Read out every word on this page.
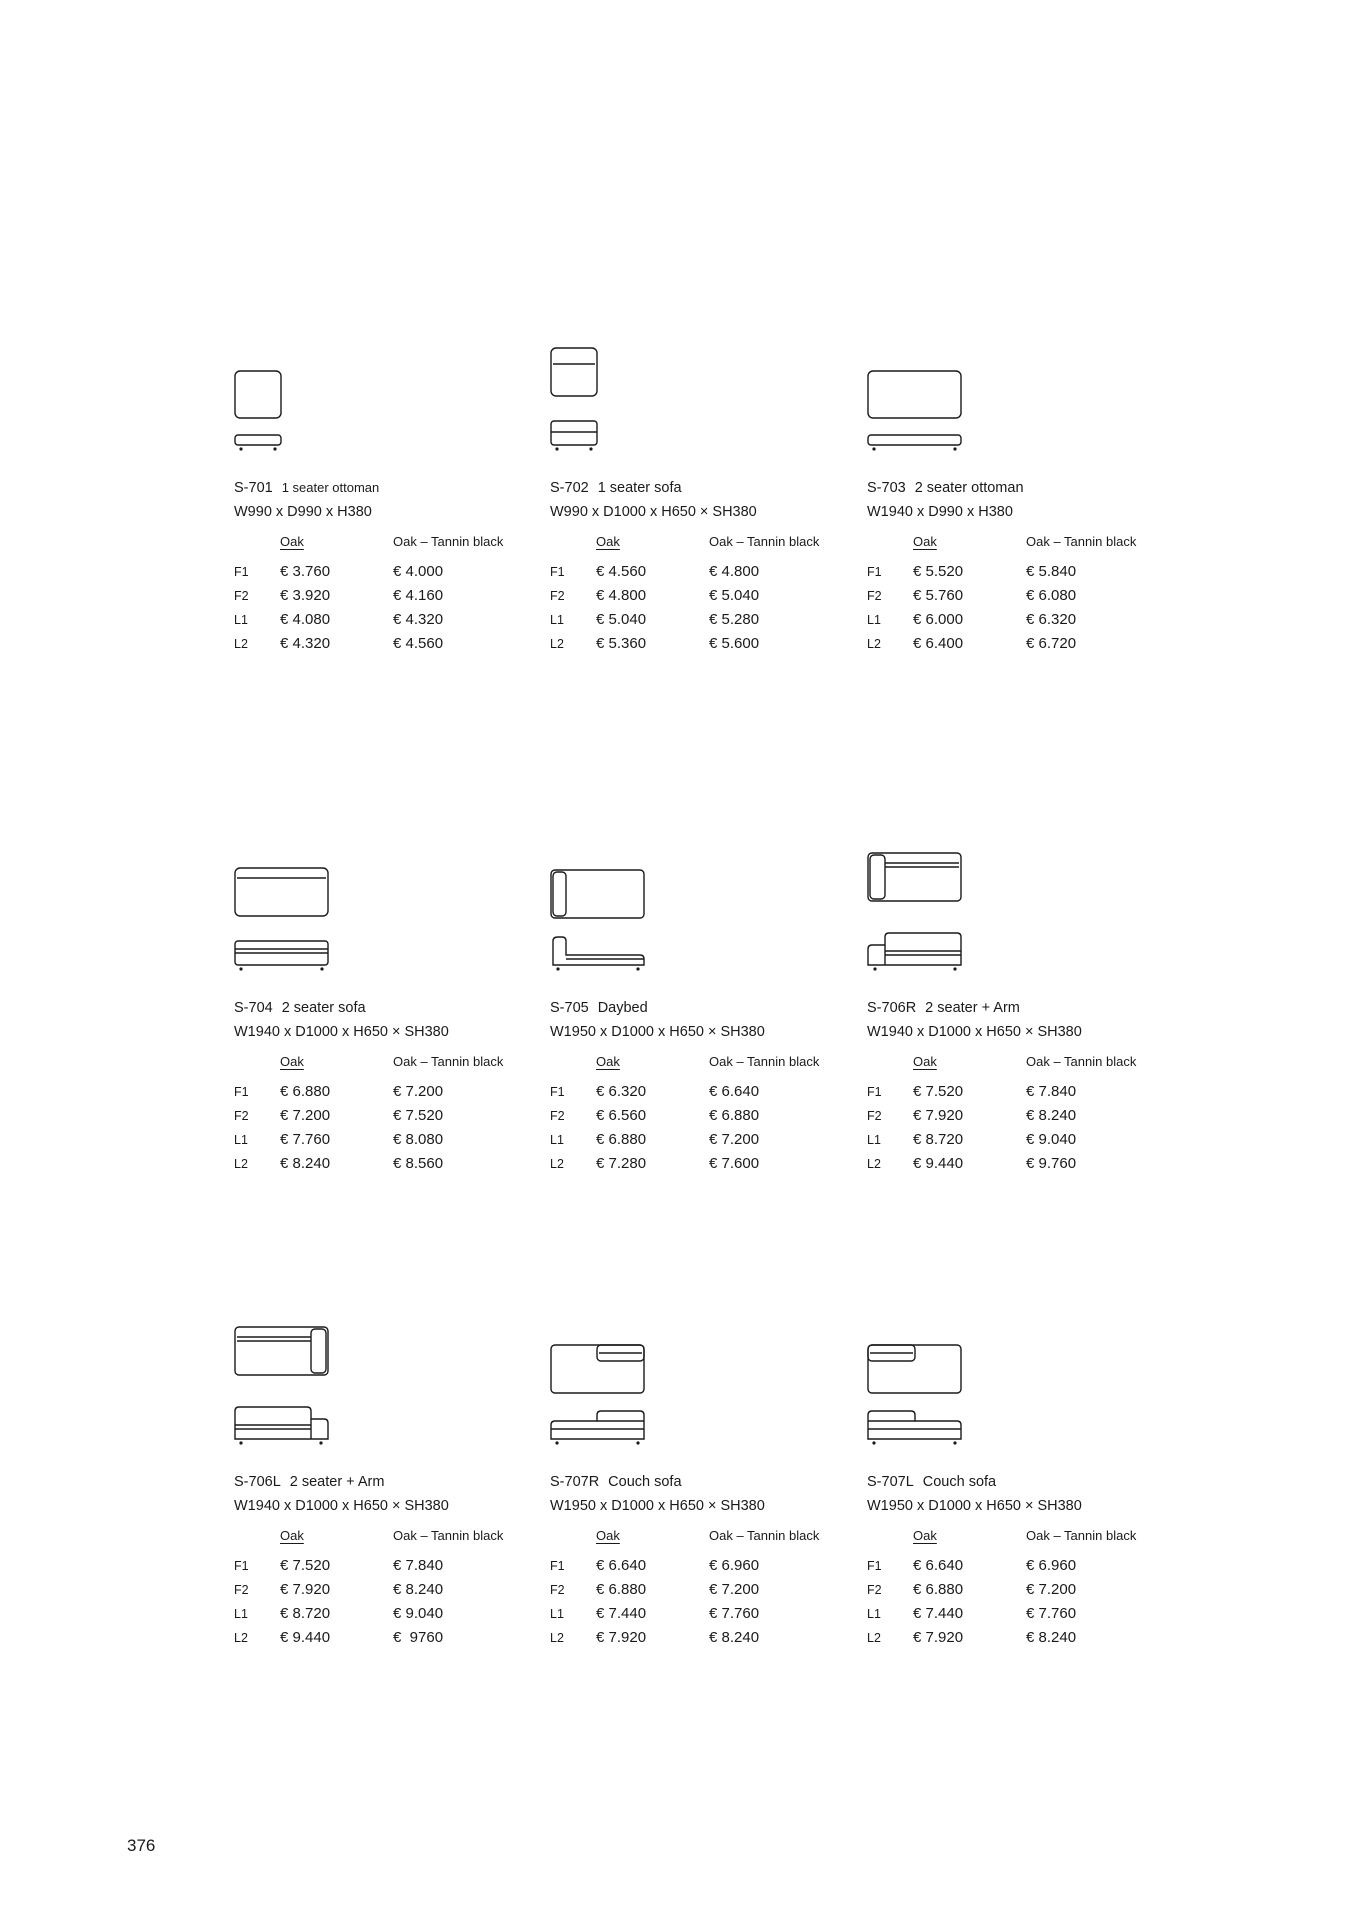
S-701 1 seater ottoman
W990 x D990 x H380
Oak	Oak – Tannin black
F1 € 3.760	€ 4.000
F2 € 3.920	€ 4.160
L1 € 4.080	€ 4.320
L2 € 4.320	€ 4.560
S-702 1 seater sofa
W990 x D1000 x H650 × SH380
Oak	Oak – Tannin black
F1 € 4.560	€ 4.800
F2 € 4.800	€ 5.040
L1 € 5.040	€ 5.280
L2 € 5.360	€ 5.600
S-703 2 seater ottoman
W1940 x D990 x H380
Oak	Oak – Tannin black
F1 € 5.520	€ 5.840
F2 € 5.760	€ 6.080
L1 € 6.000	€ 6.320
L2 € 6.400	€ 6.720
S-704 2 seater sofa
W1940 x D1000 x H650 × SH380
Oak	Oak – Tannin black
F1 € 6.880	€ 7.200
F2 € 7.200	€ 7.520
L1 € 7.760	€ 8.080
L2 € 8.240	€ 8.560
S-705 Daybed
W1950 x D1000 x H650 × SH380
Oak	Oak – Tannin black
F1 € 6.320	€ 6.640
F2 € 6.560	€ 6.880
L1 € 6.880	€ 7.200
L2 € 7.280	€ 7.600
S-706R 2 seater + Arm
W1940 x D1000 x H650 × SH380
Oak	Oak – Tannin black
F1 € 7.520	€ 7.840
F2 € 7.920	€ 8.240
L1 € 8.720	€ 9.040
L2 € 9.440	€ 9.760
S-706L 2 seater + Arm
W1940 x D1000 x H650 × SH380
Oak	Oak – Tannin black
F1 € 7.520	€ 7.840
F2 € 7.920	€ 8.240
L1 € 8.720	€ 9.040
L2 € 9.440	€  9760
S-707R Couch sofa
W1950 x D1000 x H650 × SH380
Oak	Oak – Tannin black
F1 € 6.640	€ 6.960
F2 € 6.880	€ 7.200
L1 € 7.440	€ 7.760
L2 € 7.920	€ 8.240
S-707L Couch sofa
W1950 x D1000 x H650 × SH380
Oak	Oak – Tannin black
F1 € 6.640	€ 6.960
F2 € 6.880	€ 7.200
L1 € 7.440	€ 7.760
L2 € 7.920	€ 8.240
376
